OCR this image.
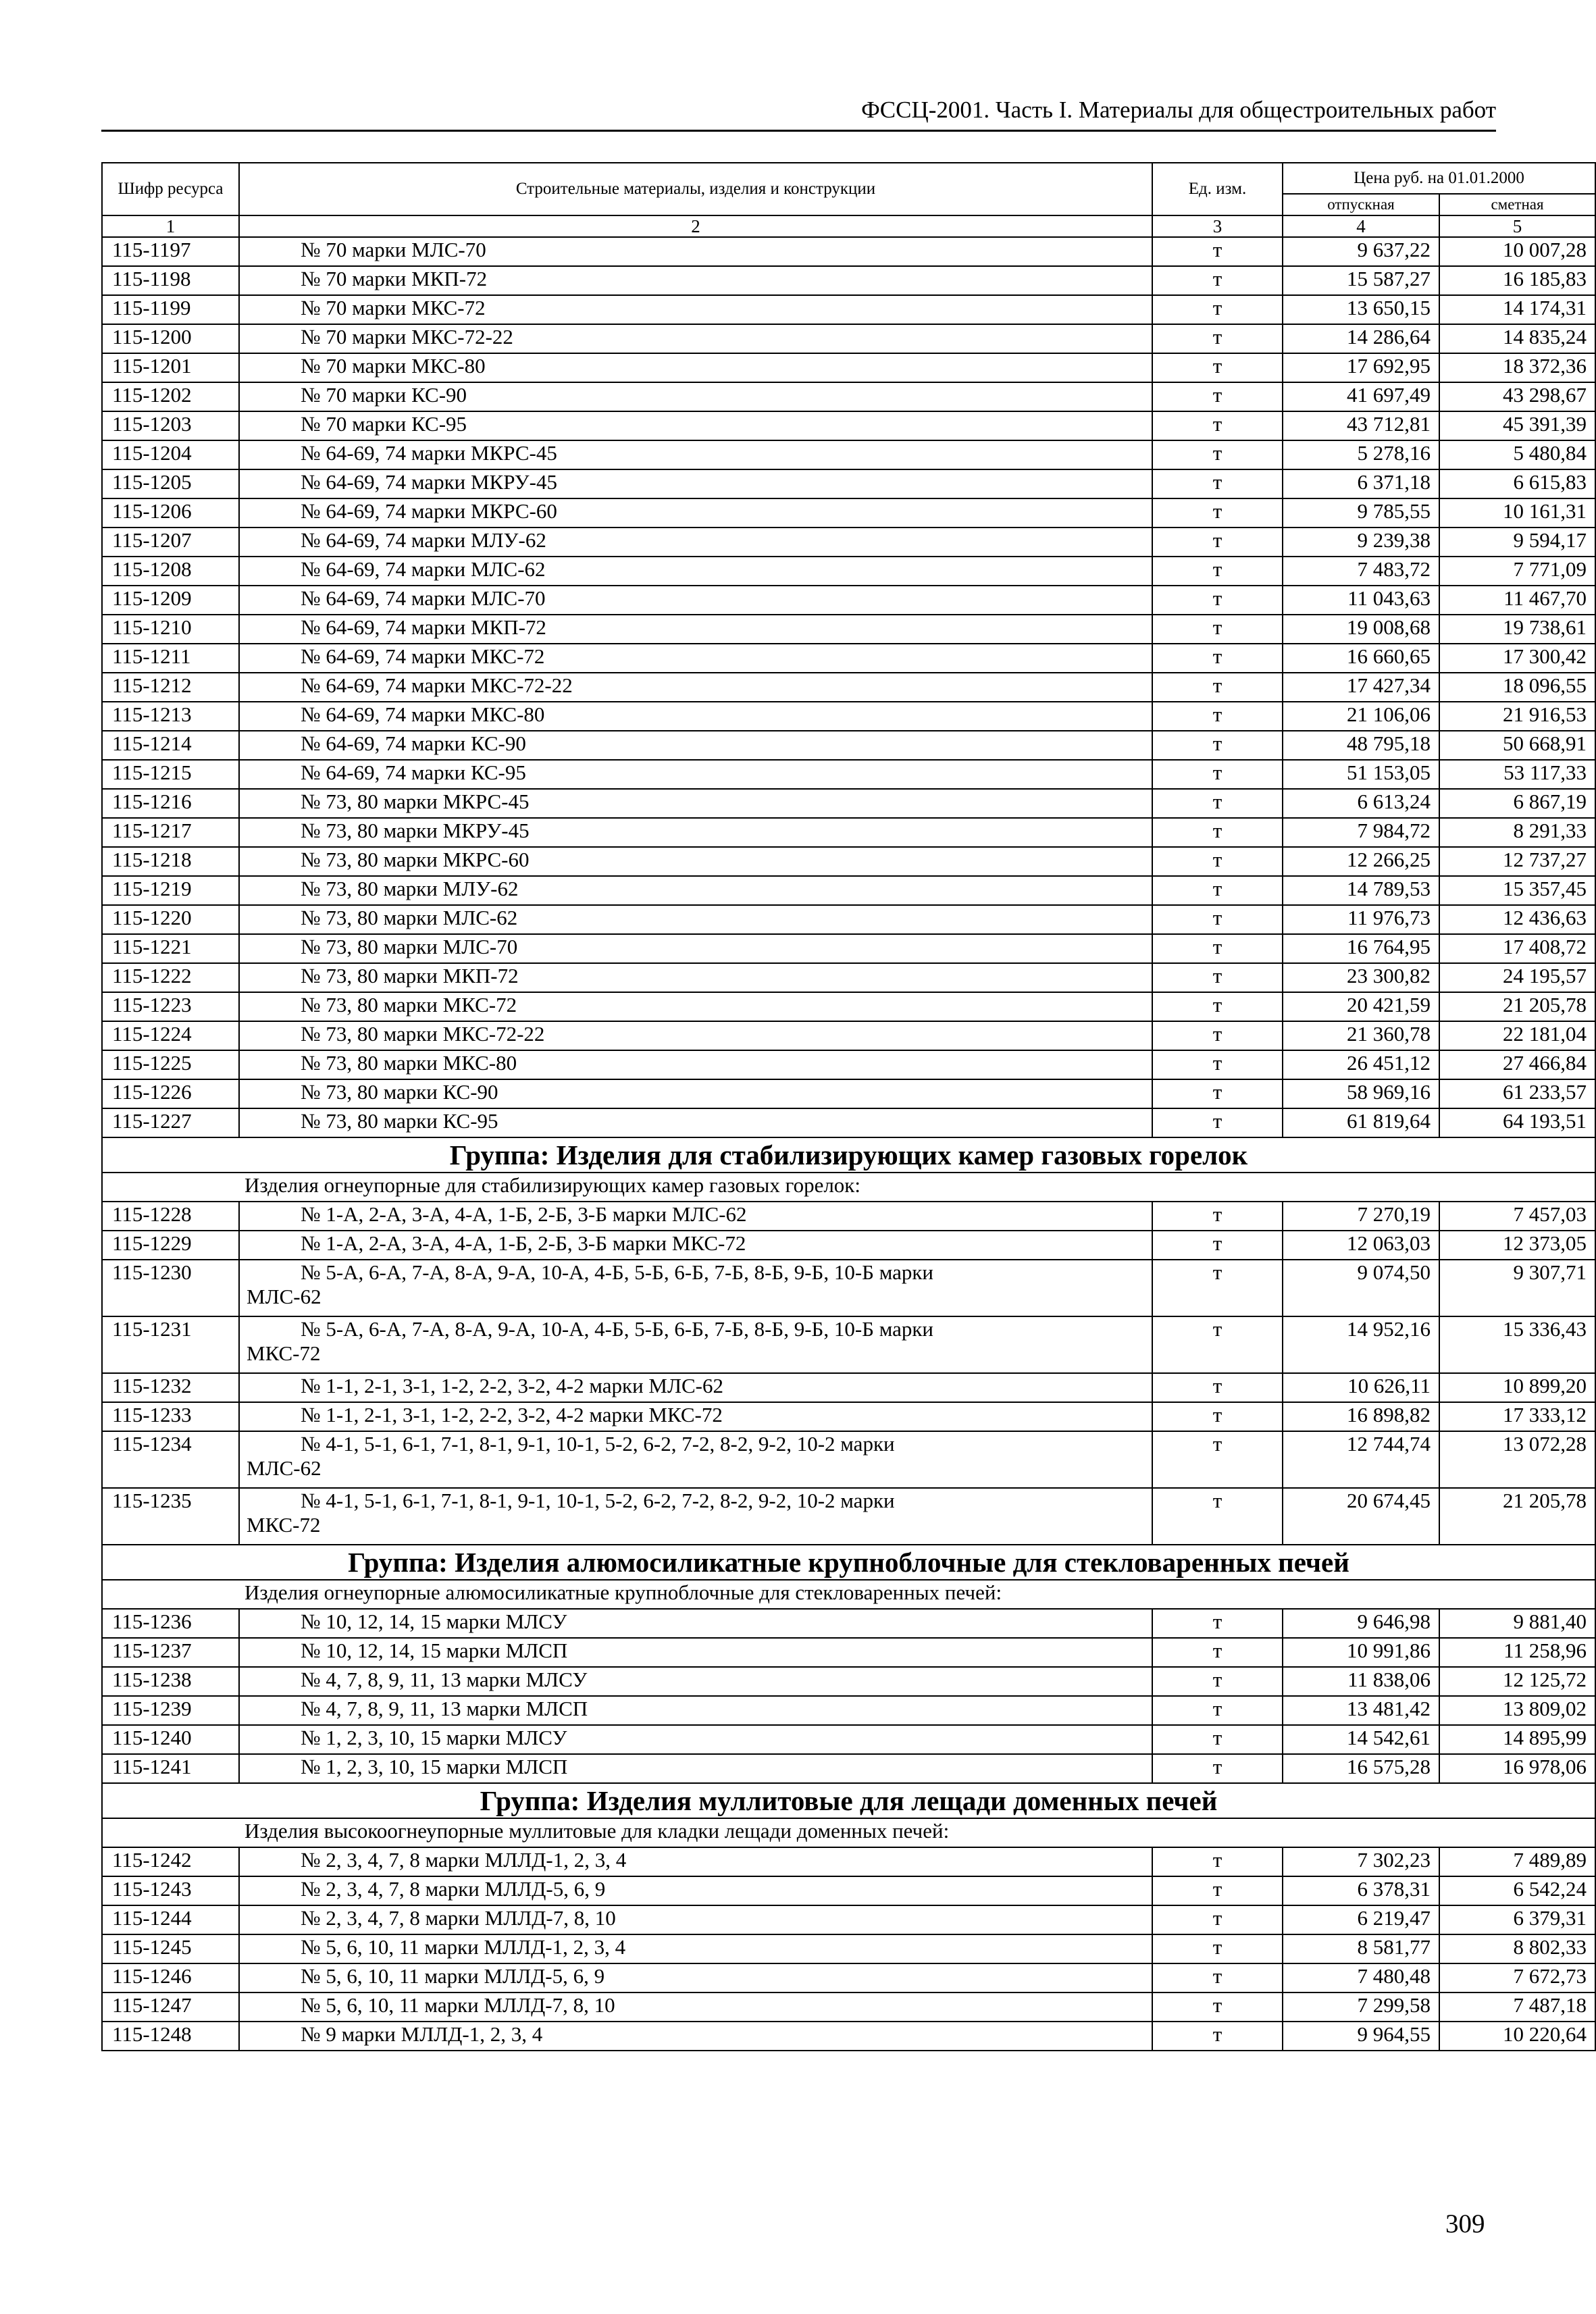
ФССЦ-2001. Часть I. Материалы для общестроительных работ
Шифр ресурса	Строительные материалы, изделия и конструкции	Ед. изм.	Цена руб. на 01.01.2000	
			отпускная	сметная
1	2	3	4	5
115-1197	№ 70 марки МЛС-70	т	9 637,22	10 007,28
115-1198	№ 70 марки МКП-72	т	15 587,27	16 185,83
115-1199	№ 70 марки МКС-72	т	13 650,15	14 174,31
115-1200	№ 70 марки МКС-72-22	т	14 286,64	14 835,24
115-1201	№ 70 марки МКС-80	т	17 692,95	18 372,36
115-1202	№ 70 марки КС-90	т	41 697,49	43 298,67
115-1203	№ 70 марки КС-95	т	43 712,81	45 391,39
115-1204	№ 64-69, 74 марки МКРС-45	т	5 278,16	5 480,84
115-1205	№ 64-69, 74 марки МКРУ-45	т	6 371,18	6 615,83
115-1206	№ 64-69, 74 марки МКРС-60	т	9 785,55	10 161,31
115-1207	№ 64-69, 74 марки МЛУ-62	т	9 239,38	9 594,17
115-1208	№ 64-69, 74 марки МЛС-62	т	7 483,72	7 771,09
115-1209	№ 64-69, 74 марки МЛС-70	т	11 043,63	11 467,70
115-1210	№ 64-69, 74 марки МКП-72	т	19 008,68	19 738,61
115-1211	№ 64-69, 74 марки МКС-72	т	16 660,65	17 300,42
115-1212	№ 64-69, 74 марки МКС-72-22	т	17 427,34	18 096,55
115-1213	№ 64-69, 74 марки МКС-80	т	21 106,06	21 916,53
115-1214	№ 64-69, 74 марки КС-90	т	48 795,18	50 668,91
115-1215	№ 64-69, 74 марки КС-95	т	51 153,05	53 117,33
115-1216	№ 73, 80 марки МКРС-45	т	6 613,24	6 867,19
115-1217	№ 73, 80 марки МКРУ-45	т	7 984,72	8 291,33
115-1218	№ 73, 80 марки МКРС-60	т	12 266,25	12 737,27
115-1219	№ 73, 80 марки МЛУ-62	т	14 789,53	15 357,45
115-1220	№ 73, 80 марки МЛС-62	т	11 976,73	12 436,63
115-1221	№ 73, 80 марки МЛС-70	т	16 764,95	17 408,72
115-1222	№ 73, 80 марки МКП-72	т	23 300,82	24 195,57
115-1223	№ 73, 80 марки МКС-72	т	20 421,59	21 205,78
115-1224	№ 73, 80 марки МКС-72-22	т	21 360,78	22 181,04
115-1225	№ 73, 80 марки МКС-80	т	26 451,12	27 466,84
115-1226	№ 73, 80 марки КС-90	т	58 969,16	61 233,57
115-1227	№ 73, 80 марки КС-95	т	61 819,64	64 193,51
Группа: Изделия для стабилизирующих камер газовых горелок				
Изделия огнеупорные для стабилизирующих камер газовых горелок:				
115-1228	№ 1-А, 2-А, 3-А, 4-А, 1-Б, 2-Б, 3-Б марки МЛС-62	т	7 270,19	7 457,03
115-1229	№ 1-А, 2-А, 3-А, 4-А, 1-Б, 2-Б, 3-Б марки МКС-72	т	12 063,03	12 373,05
115-1230	№ 5-А, 6-А, 7-А, 8-А, 9-А, 10-А, 4-Б, 5-Б, 6-Б, 7-Б, 8-Б, 9-Б, 10-Б марки
МЛС-62	т	9 074,50	9 307,71
115-1231	№ 5-А, 6-А, 7-А, 8-А, 9-А, 10-А, 4-Б, 5-Б, 6-Б, 7-Б, 8-Б, 9-Б, 10-Б марки
МКС-72	т	14 952,16	15 336,43
115-1232	№ 1-1, 2-1, 3-1, 1-2, 2-2, 3-2, 4-2 марки МЛС-62	т	10 626,11	10 899,20
115-1233	№ 1-1, 2-1, 3-1, 1-2, 2-2, 3-2, 4-2 марки МКС-72	т	16 898,82	17 333,12
115-1234	№ 4-1, 5-1, 6-1, 7-1, 8-1, 9-1, 10-1, 5-2, 6-2, 7-2, 8-2, 9-2, 10-2 марки
МЛС-62	т	12 744,74	13 072,28
115-1235	№ 4-1, 5-1, 6-1, 7-1, 8-1, 9-1, 10-1, 5-2, 6-2, 7-2, 8-2, 9-2, 10-2 марки
МКС-72	т	20 674,45	21 205,78
Группа: Изделия алюмосиликатные крупноблочные для стекловаренных печей				
Изделия огнеупорные алюмосиликатные крупноблочные для стекловаренных печей:				
115-1236	№ 10, 12, 14, 15 марки МЛСУ	т	9 646,98	9 881,40
115-1237	№ 10, 12, 14, 15 марки МЛСП	т	10 991,86	11 258,96
115-1238	№ 4, 7, 8, 9, 11, 13 марки МЛСУ	т	11 838,06	12 125,72
115-1239	№ 4, 7, 8, 9, 11, 13 марки МЛСП	т	13 481,42	13 809,02
115-1240	№ 1, 2, 3, 10, 15 марки МЛСУ	т	14 542,61	14 895,99
115-1241	№ 1, 2, 3, 10, 15 марки МЛСП	т	16 575,28	16 978,06
Группа: Изделия муллитовые для лещади доменных печей				
Изделия высокоогнеупорные муллитовые для кладки лещади доменных печей:				
115-1242	№ 2, 3, 4, 7, 8 марки МЛЛД-1, 2, 3, 4	т	7 302,23	7 489,89
115-1243	№ 2, 3, 4, 7, 8 марки МЛЛД-5, 6, 9	т	6 378,31	6 542,24
115-1244	№ 2, 3, 4, 7, 8 марки МЛЛД-7, 8, 10	т	6 219,47	6 379,31
115-1245	№ 5, 6, 10, 11 марки МЛЛД-1, 2, 3, 4	т	8 581,77	8 802,33
115-1246	№ 5, 6, 10, 11 марки МЛЛД-5, 6, 9	т	7 480,48	7 672,73
115-1247	№ 5, 6, 10, 11 марки МЛЛД-7, 8, 10	т	7 299,58	7 487,18
115-1248	№ 9 марки МЛЛД-1, 2, 3, 4	т	9 964,55	10 220,64
309
